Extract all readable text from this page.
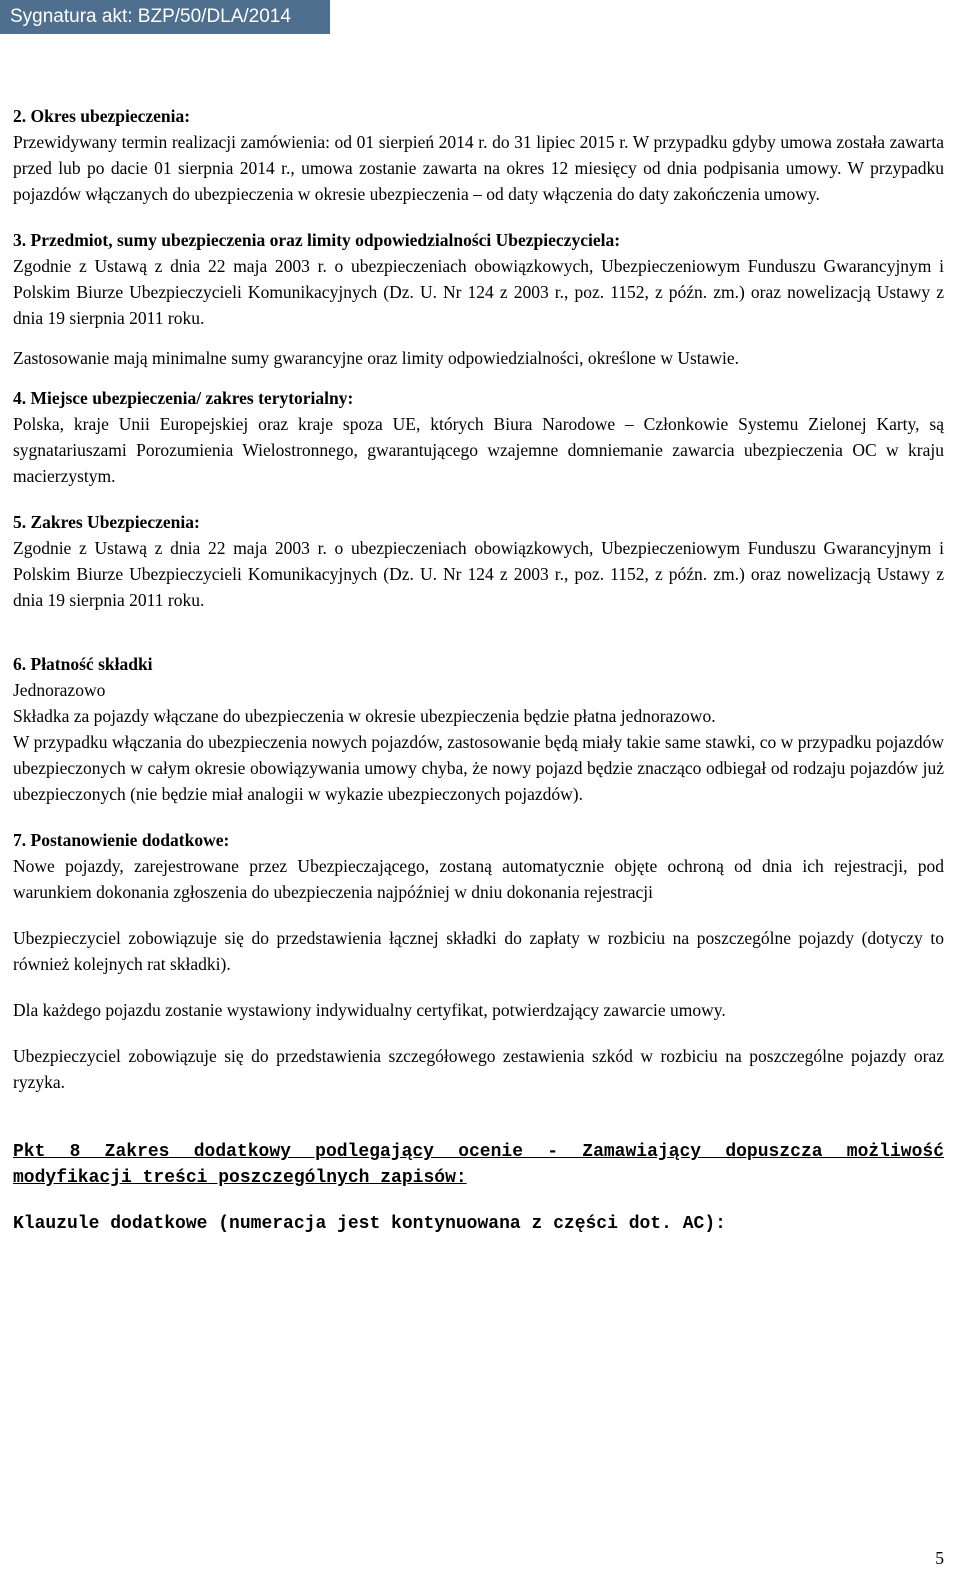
Sygnatura akt: BZP/50/DLA/2014

2. Okres ubezpieczenia:

Przewidywany termin realizacji zamówienia: od 01 sierpień 2014 r. do 31 lipiec 2015 r. W przypadku gdyby umowa została zawarta przed lub po dacie 01 sierpnia 2014 r., umowa zostanie zawarta na okres 12 miesięcy od dnia podpisania umowy. W przypadku pojazdów włączanych do ubezpieczenia w okresie ubezpieczenia – od daty włączenia do daty zakończenia umowy.

3. Przedmiot, sumy ubezpieczenia oraz limity odpowiedzialności Ubezpieczyciela:

Zgodnie z Ustawą z dnia 22 maja 2003 r. o ubezpieczeniach obowiązkowych, Ubezpieczeniowym Funduszu Gwarancyjnym i Polskim Biurze Ubezpieczycieli Komunikacyjnych (Dz. U. Nr 124 z 2003 r., poz. 1152, z późn. zm.) oraz nowelizacją Ustawy z dnia 19 sierpnia 2011 roku.

Zastosowanie mają minimalne sumy gwarancyjne oraz limity odpowiedzialności, określone w Ustawie.

4. Miejsce ubezpieczenia/ zakres terytorialny:

Polska, kraje Unii Europejskiej oraz kraje spoza UE, których Biura Narodowe – Członkowie Systemu Zielonej Karty, są sygnatariuszami Porozumienia Wielostronnego, gwarantującego wzajemne domniemanie zawarcia ubezpieczenia OC w kraju macierzystym.

5. Zakres Ubezpieczenia:

Zgodnie z Ustawą z dnia 22 maja 2003 r. o ubezpieczeniach obowiązkowych, Ubezpieczeniowym Funduszu Gwarancyjnym i Polskim Biurze Ubezpieczycieli Komunikacyjnych (Dz. U. Nr 124 z 2003 r., poz. 1152, z późn. zm.) oraz nowelizacją Ustawy z dnia 19 sierpnia 2011 roku.

6. Płatność składki

Jednorazowo

Składka za pojazdy włączane do ubezpieczenia w okresie ubezpieczenia będzie płatna jednorazowo.

W przypadku włączania do ubezpieczenia nowych pojazdów, zastosowanie będą miały takie same stawki, co w przypadku pojazdów ubezpieczonych w całym okresie obowiązywania umowy chyba, że nowy pojazd będzie znacząco odbiegał od rodzaju pojazdów już ubezpieczonych (nie będzie miał analogii w wykazie ubezpieczonych pojazdów).

7. Postanowienie dodatkowe:

Nowe pojazdy, zarejestrowane przez Ubezpieczającego, zostaną automatycznie objęte ochroną od dnia ich rejestracji, pod warunkiem dokonania zgłoszenia do ubezpieczenia najpóźniej w dniu dokonania rejestracji

Ubezpieczyciel zobowiązuje się do przedstawienia łącznej składki do zapłaty w rozbiciu na poszczególne pojazdy (dotyczy to również kolejnych rat składki).

Dla każdego pojazdu zostanie wystawiony indywidualny certyfikat, potwierdzający zawarcie umowy.

Ubezpieczyciel zobowiązuje się do przedstawienia szczegółowego zestawienia szkód w rozbiciu na poszczególne pojazdy oraz ryzyka.

Pkt 8 Zakres dodatkowy podlegający ocenie - Zamawiający dopuszcza możliwość modyfikacji treści poszczególnych zapisów:

Klauzule dodatkowe (numeracja jest kontynuowana z części dot. AC):

5
